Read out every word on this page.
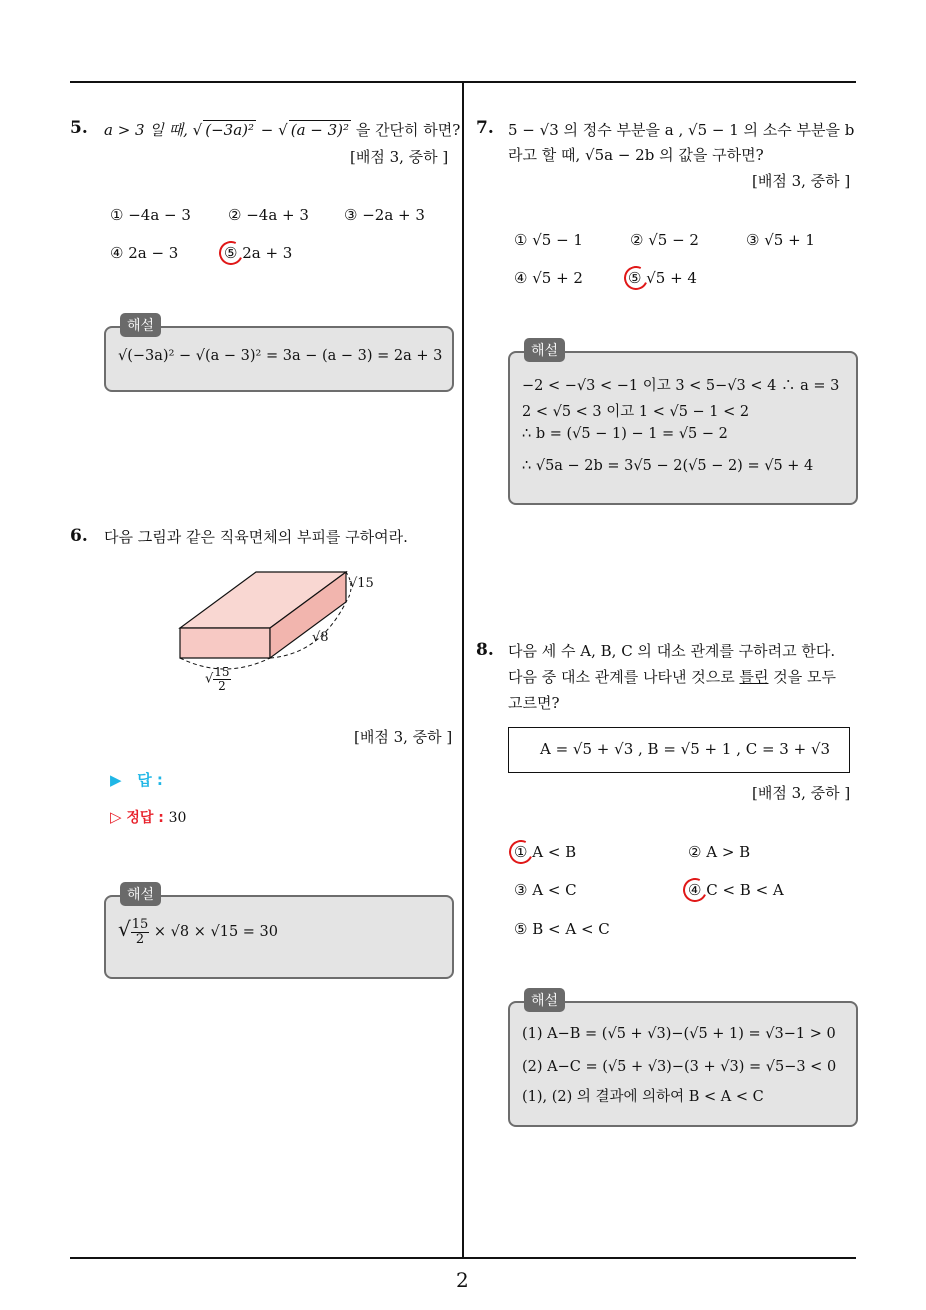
2
5. a > 3 일 때, √ (−3a)² − √ (a − 3)² 을 간단히 하면?
[배점 3, 중하 ]
① −4a − 3 ② −4a + 3 ③ −2a + 3
④ 2a − 3	⑤ 2a + 3
해설
√(−3a)² − √(a − 3)² = 3a − (a − 3) = 2a + 3
6. 다음 그림과 같은 직육면체의 부피를 구하여라.
√15
√8
√ $\frac{15}{2}$
[배점 3, 중하 ]
▶ 답 :
▷ 정답 : 30
해설
√ $\frac{15}{2} \times √8 \times √15 = 30$
7. 5 − √3 의 정수 부분을 a , √5 − 1 의 소수 부분을 b
라고 할 때, √5a − 2b 의 값을 구하면?
[배점 3, 중하 ]
① √5 − 1	② √5 − 2	③ √5 + 1
④ √5 + 2	⑤ √5 + 4
해설
−2 < −√3 < −1 이고 3 < 5−√3 < 4 ∴ a = 3
2 < √5 < 3 이고 1 < √5 − 1 < 2
∴ b = (√5 − 1) − 1 = √5 − 2
∴ √5a − 2b = 3√5 − 2(√5 − 2) = √5 + 4
8. 다음 세 수 A, B, C 의 대소 관계를 구하려고 한다.
다음 중 대소 관계를 나타낸 것으로 틀린 것을 모두
고르면?
A = √5 + √3 , B = √5 + 1 , C = 3 + √3
[배점 3, 중하 ]
① A < B	② A > B
③ A < C	④ C < B < A
⑤ B < A < C
해설
(1) A−B = (√5 + √3)−(√5 + 1) = √3−1 > 0
(2) A−C = (√5 + √3)−(3 + √3) = √5−3 < 0
(1), (2) 의 결과에 의하여 B < A < C
